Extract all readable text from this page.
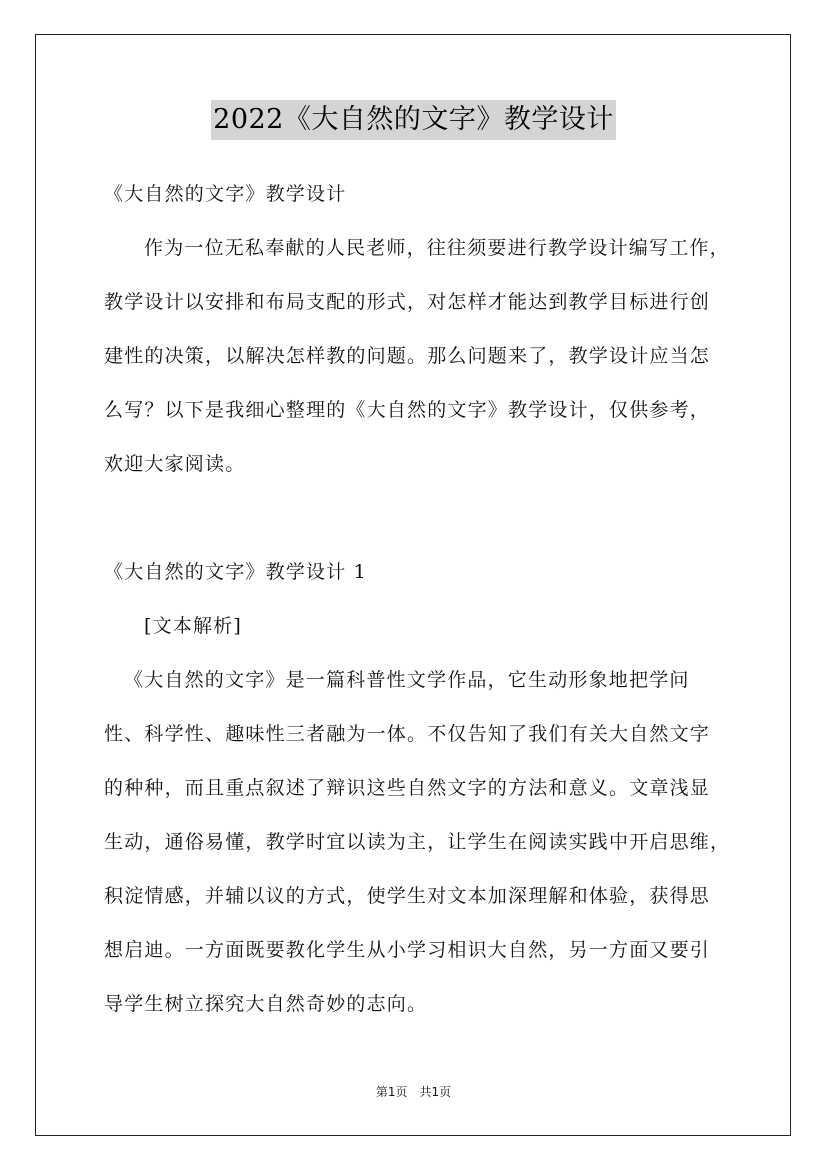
2022《大自然的文字》教学设计
《大自然的文字》教学设计
作为一位无私奉献的人民老师，往往须要进行教学设计编写工作，
教学设计以安排和布局支配的形式，对怎样才能达到教学目标进行创
建性的决策，以解决怎样教的问题。那么问题来了，教学设计应当怎
么写？以下是我细心整理的《大自然的文字》教学设计，仅供参考，
欢迎大家阅读。
《大自然的文字》教学设计 1
[文本解析]
《大自然的文字》是一篇科普性文学作品，它生动形象地把学问
性、科学性、趣味性三者融为一体。不仅告知了我们有关大自然文字
的种种，而且重点叙述了辩识这些自然文字的方法和意义。文章浅显
生动，通俗易懂，教学时宜以读为主，让学生在阅读实践中开启思维，
积淀情感，并辅以议的方式，使学生对文本加深理解和体验，获得思
想启迪。一方面既要教化学生从小学习相识大自然，另一方面又要引
导学生树立探究大自然奇妙的志向。
第1页　共1页
